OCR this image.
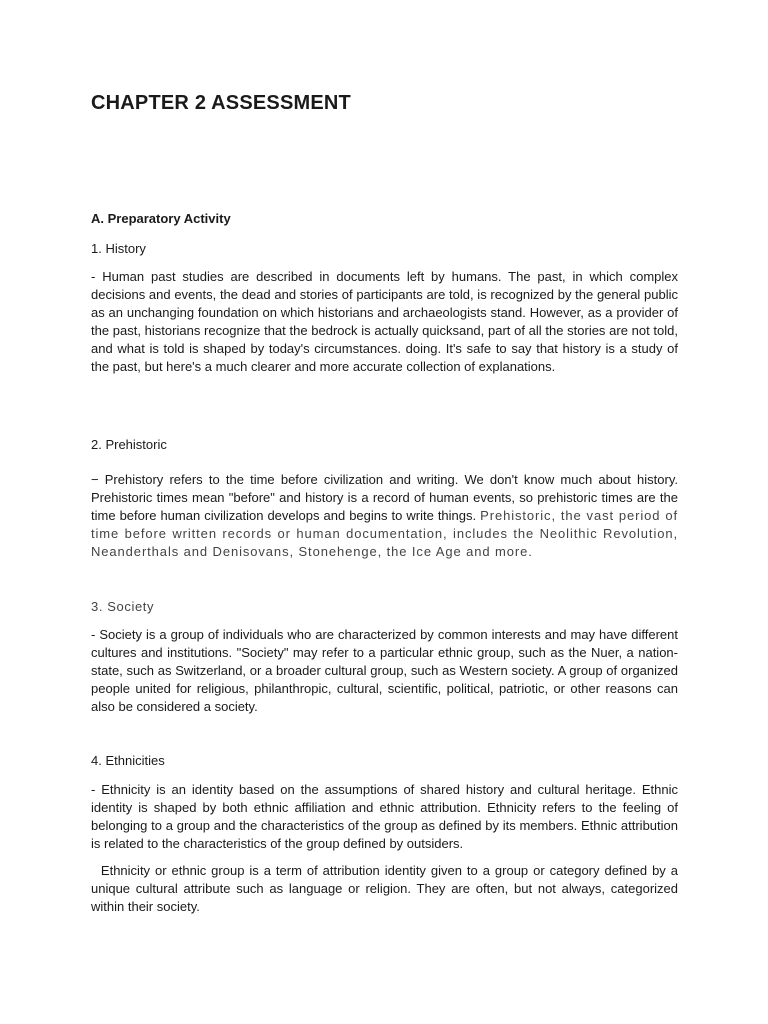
CHAPTER 2 ASSESSMENT
A. Preparatory Activity

1. History

- Human past studies are described in documents left by humans. The past, in which complex decisions and events, the dead and stories of participants are told, is recognized by the general public as an unchanging foundation on which historians and archaeologists stand. However, as a provider of the past, historians recognize that the bedrock is actually quicksand, part of all the stories are not told, and what is told is shaped by today's circumstances. doing. It's safe to say that history is a study of the past, but here's a much clearer and more accurate collection of explanations.

2. Prehistoric

− Prehistory refers to the time before civilization and writing. We don't know much about history. Prehistoric times mean "before" and history is a record of human events, so prehistoric times are the time before human civilization develops and begins to write things. Prehistoric, the vast period of time before written records or human documentation, includes the Neolithic Revolution, Neanderthals and Denisovans, Stonehenge, the Ice Age and more.

3. Society

- Society is a group of individuals who are characterized by common interests and may have different cultures and institutions. "Society" may refer to a particular ethnic group, such as the Nuer, a nation-state, such as Switzerland, or a broader cultural group, such as Western society. A group of organized people united for religious, philanthropic, cultural, scientific, political, patriotic, or other reasons can also be considered a society.

4. Ethnicities

- Ethnicity is an identity based on the assumptions of shared history and cultural heritage. Ethnic identity is shaped by both ethnic affiliation and ethnic attribution. Ethnicity refers to the feeling of belonging to a group and the characteristics of the group as defined by its members. Ethnic attribution is related to the characteristics of the group defined by outsiders.

Ethnicity or ethnic group is a term of attribution identity given to a group or category defined by a unique cultural attribute such as language or religion. They are often, but not always, categorized within their society.
